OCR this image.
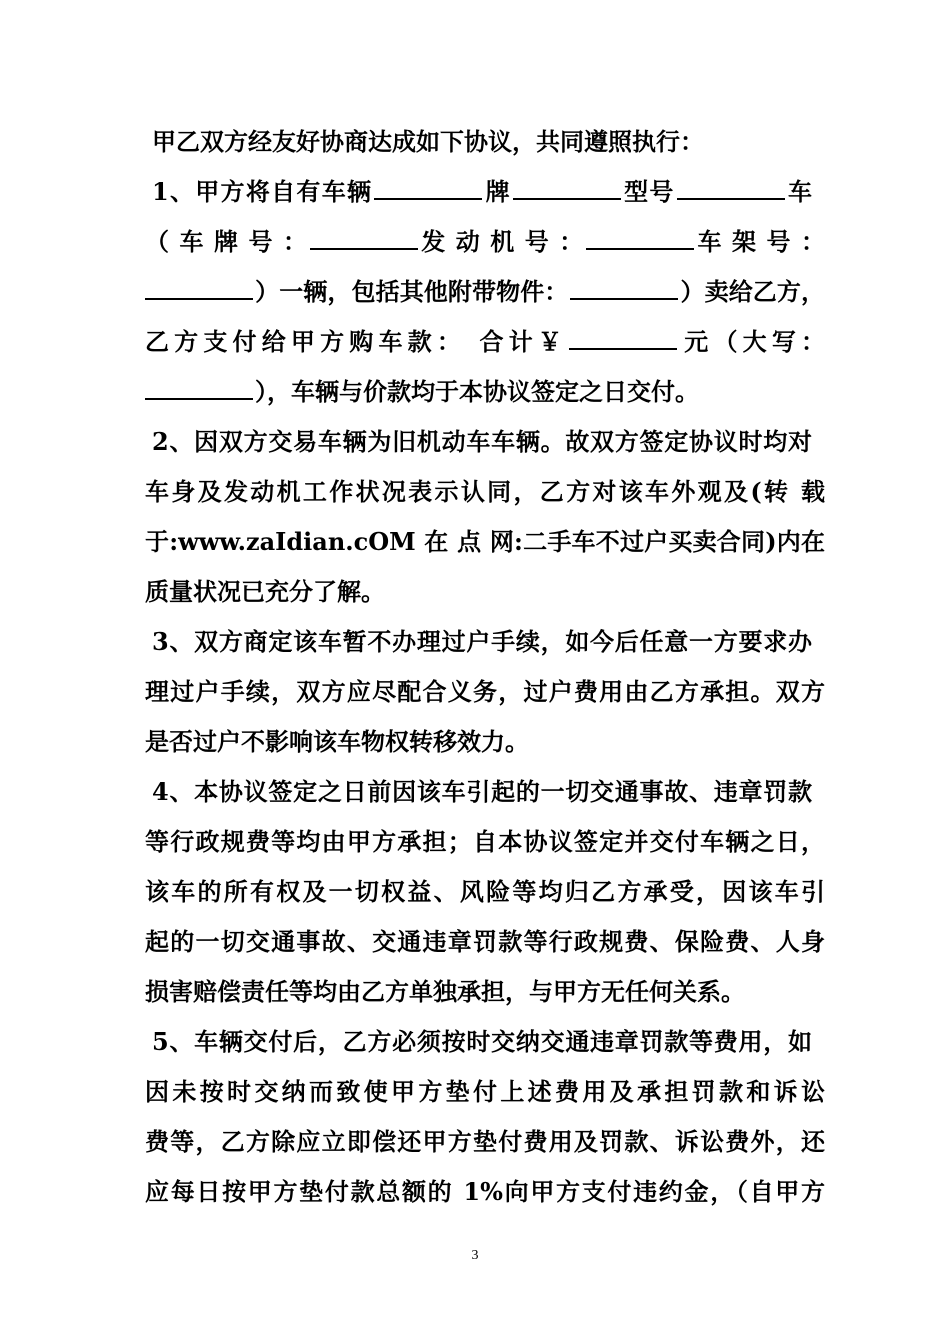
甲乙双方经友好协商达成如下协议，共同遵照执行：
1、甲方将自有车辆	牌	型号	车
（ 车 牌 号 ：	发 动 机 号 ：	车 架 号 ：
）一辆，包括其他附带物件：	）卖给乙方，
乙方支付给甲方购车款： 合计￥	元（大写：
），车辆与价款均于本协议签定之日交付。
2、因双方交易车辆为旧机动车车辆。故双方签定协议时均对
车身及发动机工作状况表示认同，乙方对该车外观及(转 载
于:www.zaIdian.cOM 在 点 网:二手车不过户买卖合同)内在
质量状况已充分了解。
3、双方商定该车暂不办理过户手续，如今后任意一方要求办
理过户手续，双方应尽配合义务，过户费用由乙方承担。双方
是否过户不影响该车物权转移效力。
4、本协议签定之日前因该车引起的一切交通事故、违章罚款
等行政规费等均由甲方承担；自本协议签定并交付车辆之日，
该车的所有权及一切权益、风险等均归乙方承受，因该车引
起的一切交通事故、交通违章罚款等行政规费、保险费、人身
损害赔偿责任等均由乙方单独承担，与甲方无任何关系。
5、车辆交付后，乙方必须按时交纳交通违章罚款等费用，如
因未按时交纳而致使甲方垫付上述费用及承担罚款和诉讼
费等，乙方除应立即偿还甲方垫付费用及罚款、诉讼费外，还
应每日按甲方垫付款总额的 1%向甲方支付违约金，（自甲方
3
